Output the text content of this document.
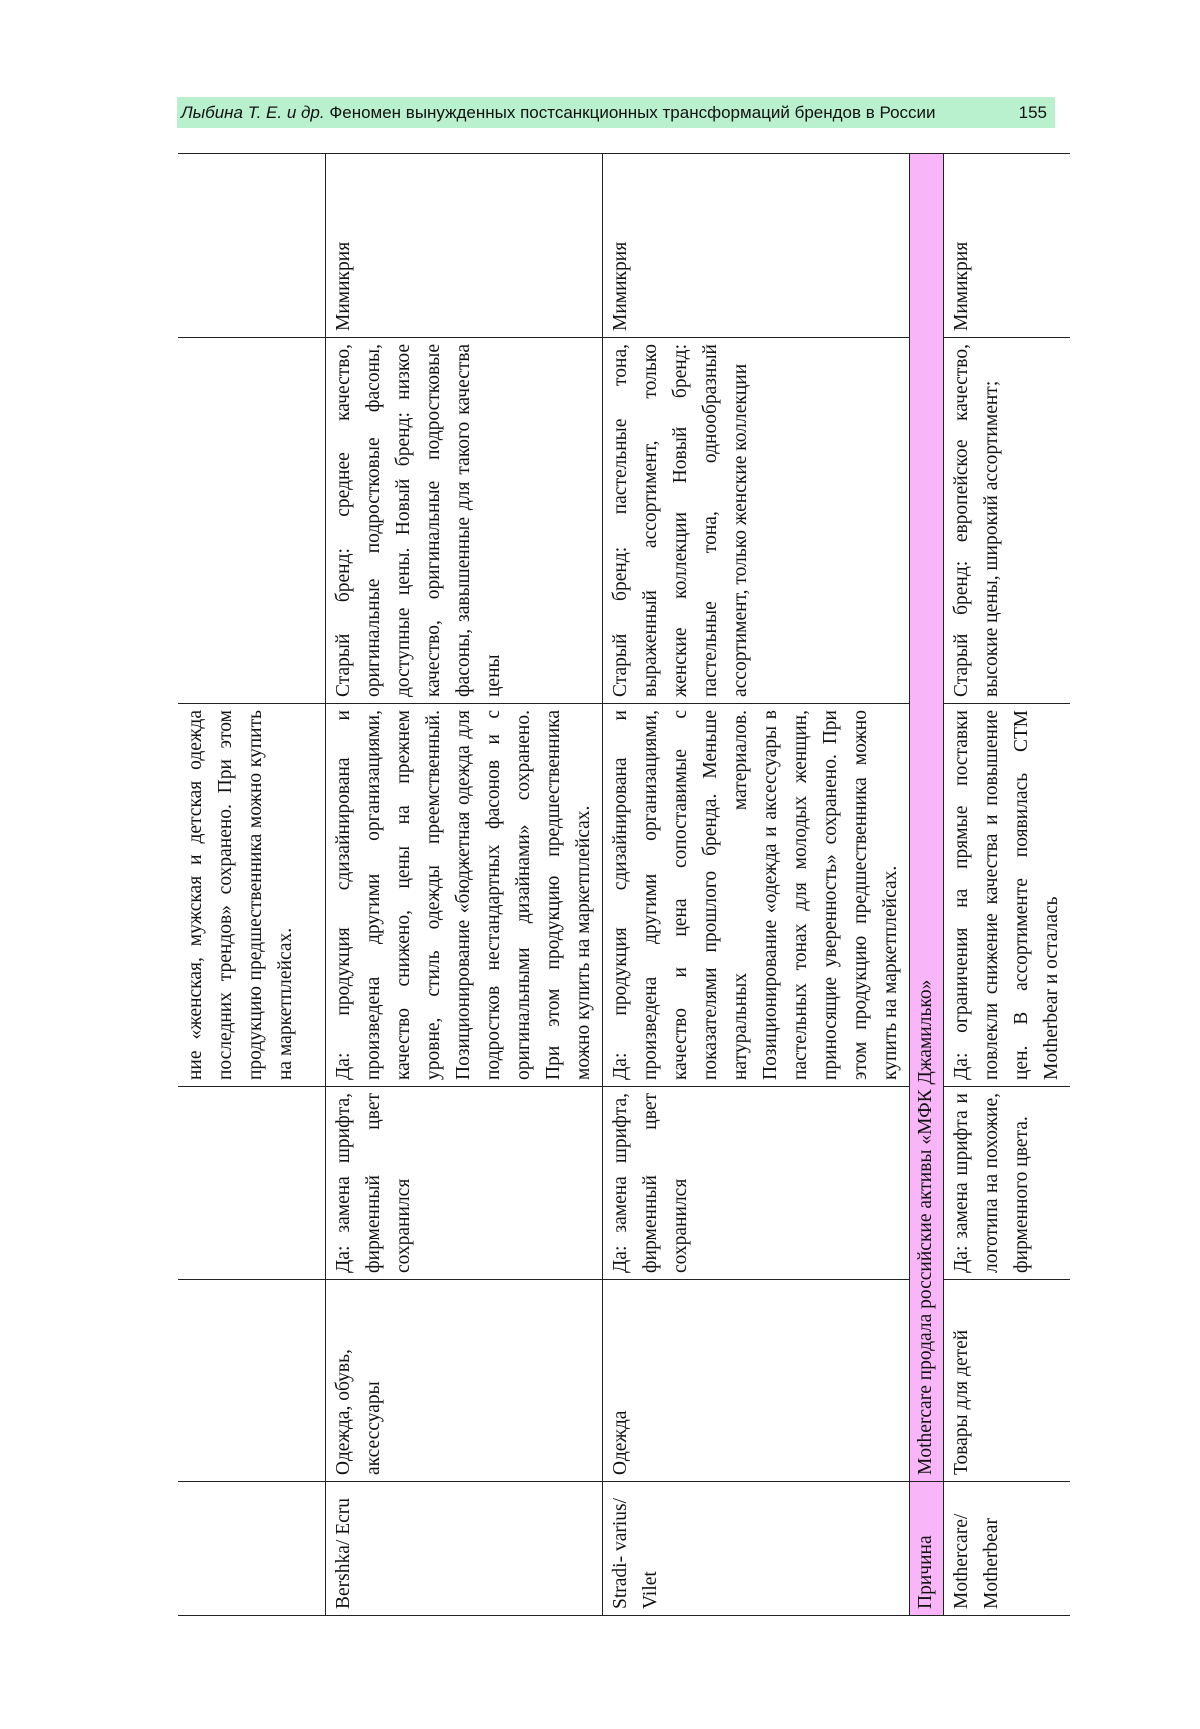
Лыбина Т. Е. и др. Феномен вынужденных постсанкционных трансформаций брендов в России	155
			ние «женская, мужская и детская одежда последних трендов» сохранено. При этом продукцию предшественника можно купить на маркетплейсах.		
Bershka/ Ecru	Одежда, обувь, аксессуары	Да: замена шрифта, фирменный цвет сохранился	Да: продукция сдизайнирована и произведена другими организациями, качество снижено, цены на прежнем уровне, стиль одежды преемственный. Позиционирование «бюджетная одежда для подростков нестандартных фасонов и с оригинальными дизайнами» сохранено. При этом продукцию предшественника можно купить на маркетплейсах.	Старый бренд: среднее качество, оригинальные подростковые фасоны, доступные цены. Новый бренд: низкое качество, оригинальные подростковые фасоны, завышенные для такого качества цены	Мимикрия
Stradi- varius/ Vilet	Одежда	Да: замена шрифта, фирменный цвет сохранился	Да: продукция сдизайнирована и произведена другими организациями, качество и цена сопоставимые с показателями прошлого бренда. Меньше натуральных материалов. Позиционирование «одежда и аксессуары в пастельных тонах для молодых женщин, приносящие уверенность» сохранено. При этом продукцию предшественника можно купить на маркетплейсах.	Старый бренд: пастельные тона, выраженный ассортимент, только женские коллекции Новый бренд: пастельные тона, однообразный ассортимент, только женские коллекции	Мимикрия
Причина	Mothercare продала российские активы «МФК Джамилько»				
Mothercare/ Motherbear	Товары для детей	Да: замена шрифта и логотипа на похожие, фирменного цвета.	Да: ограничения на прямые поставки повлекли снижение качества и повышение цен. В ассортименте появилась СТМ Motherbear и осталась	Старый бренд: европейское качество, высокие цены, широкий ассортимент;	Мимикрия
